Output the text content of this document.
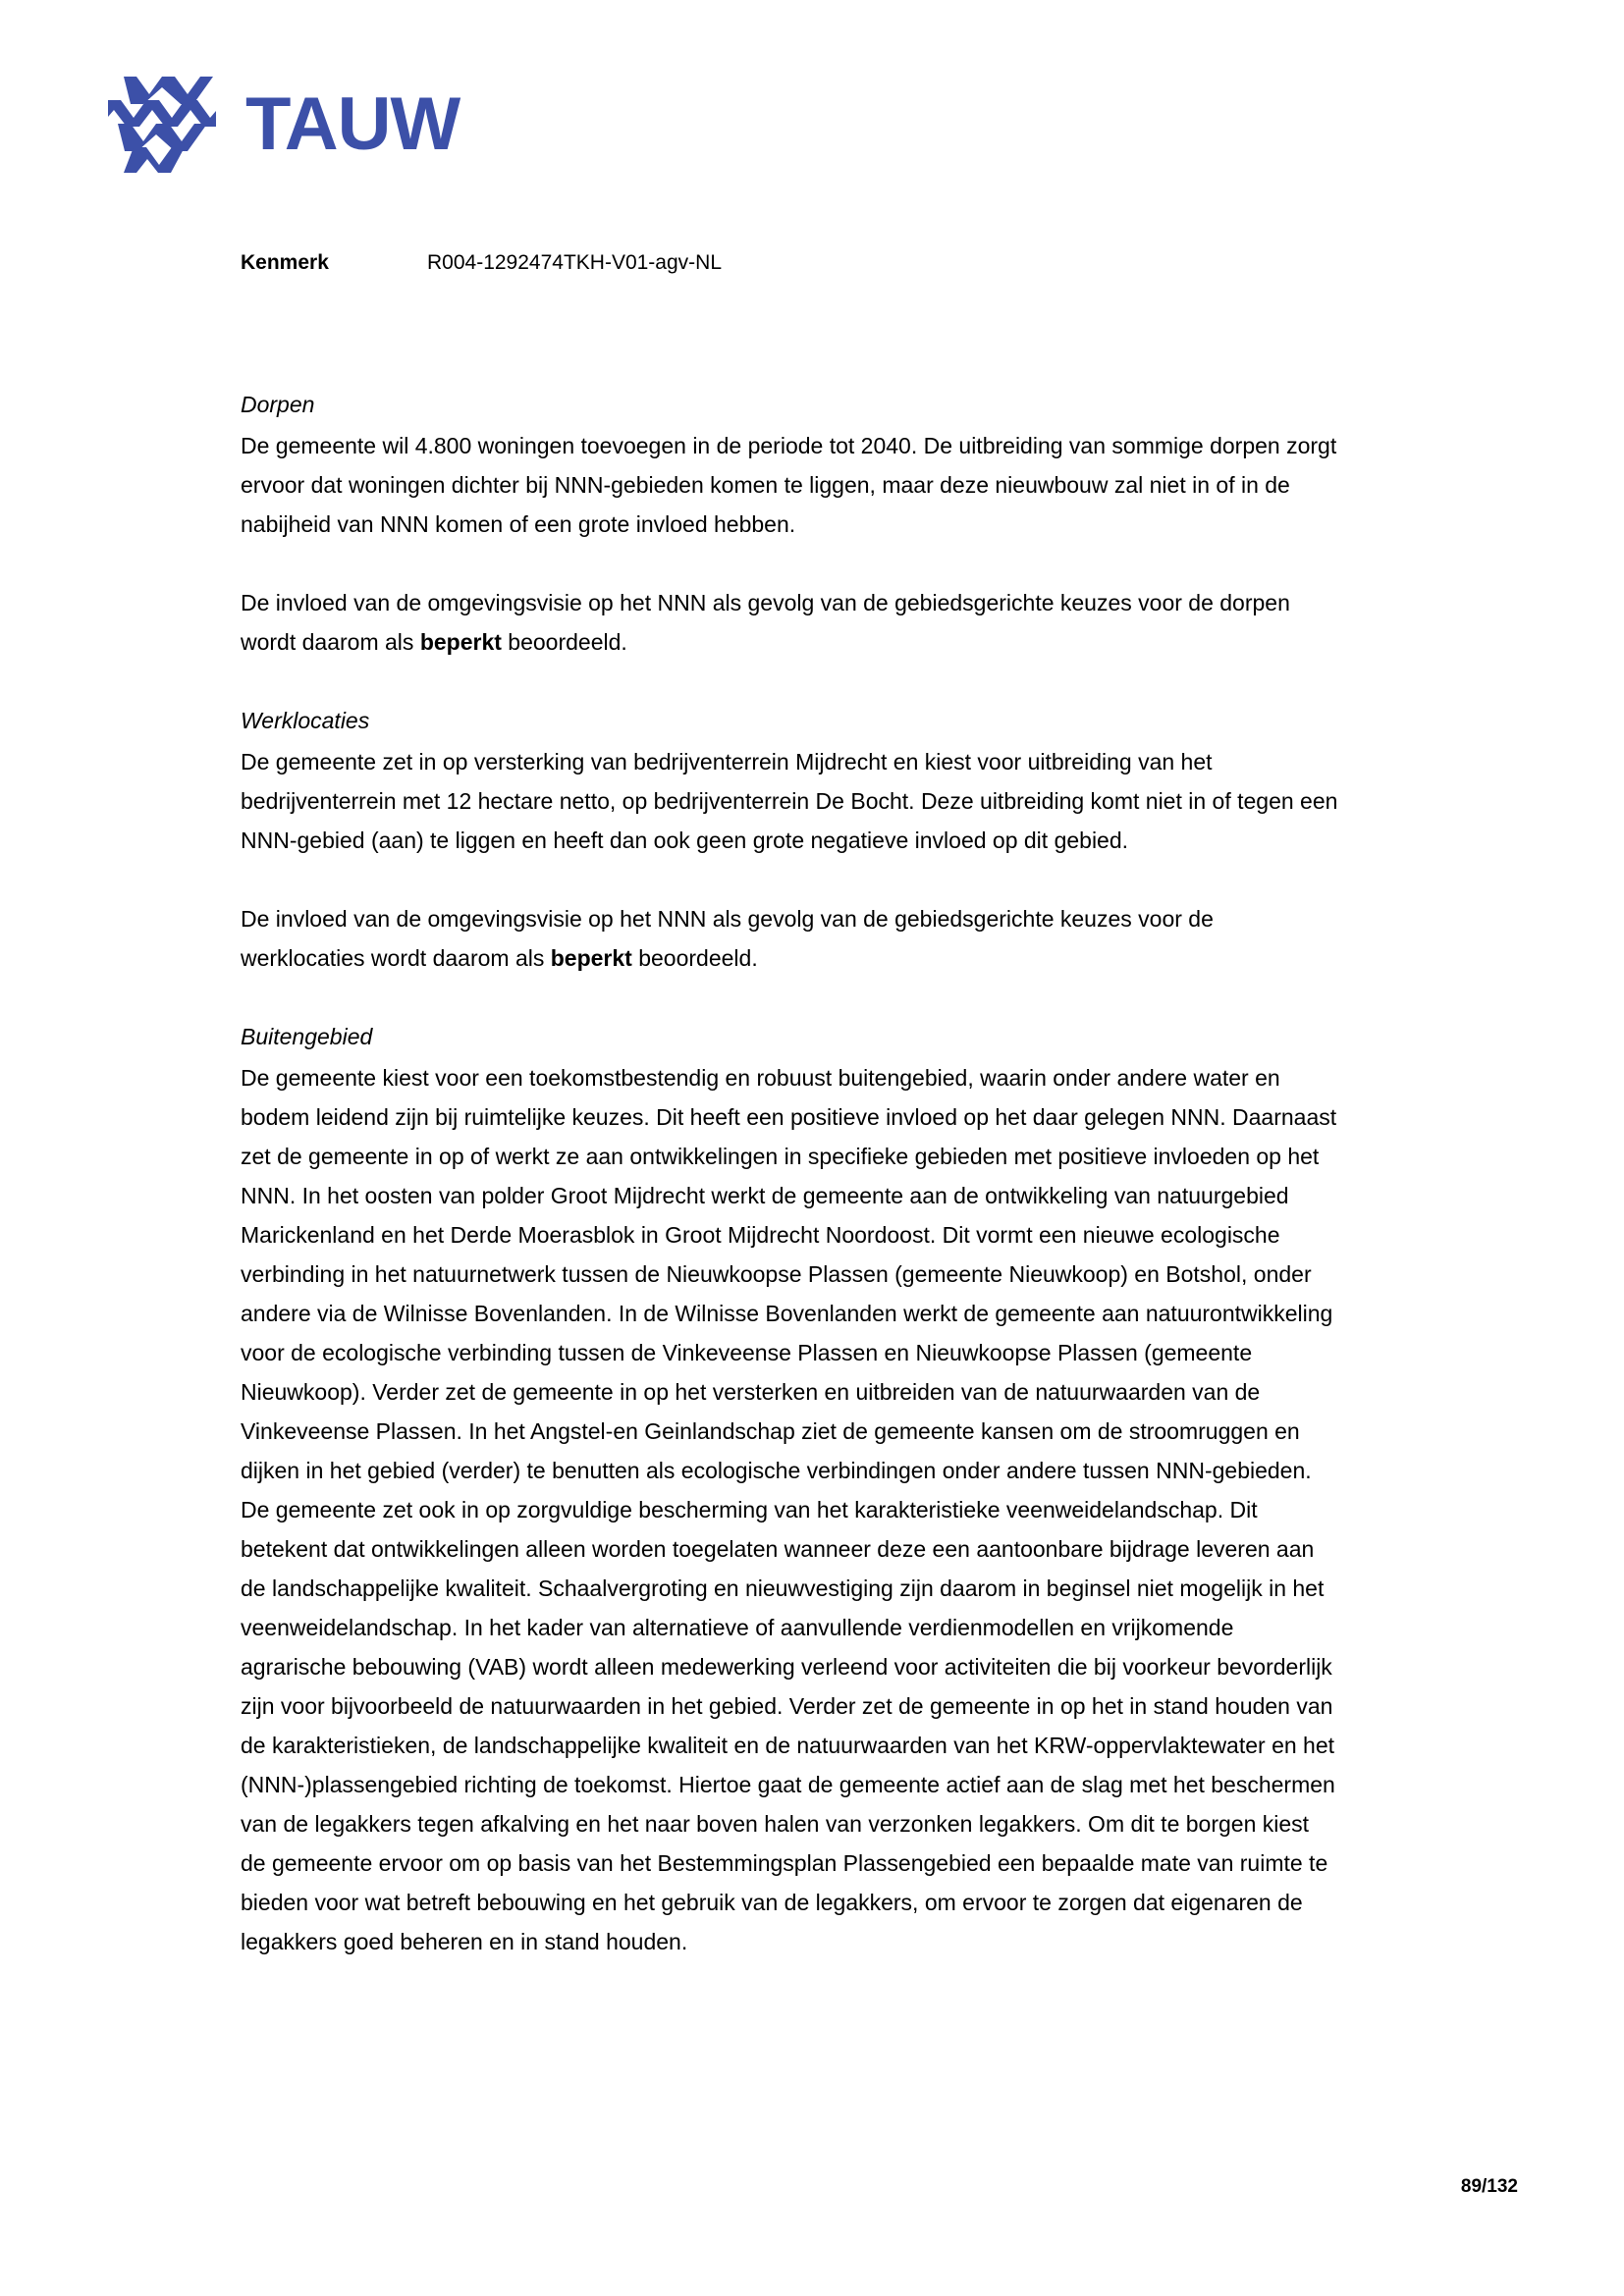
TAUW
Kenmerk	R004-1292474TKH-V01-agv-NL
Dorpen

De gemeente wil 4.800 woningen toevoegen in de periode tot 2040. De uitbreiding van sommige dorpen zorgt ervoor dat woningen dichter bij NNN-gebieden komen te liggen, maar deze nieuwbouw zal niet in of in de nabijheid van NNN komen of een grote invloed hebben.

De invloed van de omgevingsvisie op het NNN als gevolg van de gebiedsgerichte keuzes voor de dorpen wordt daarom als beperkt beoordeeld.

Werklocaties

De gemeente zet in op versterking van bedrijventerrein Mijdrecht en kiest voor uitbreiding van het bedrijventerrein met 12 hectare netto, op bedrijventerrein De Bocht. Deze uitbreiding komt niet in of tegen een NNN-gebied (aan) te liggen en heeft dan ook geen grote negatieve invloed op dit gebied.

De invloed van de omgevingsvisie op het NNN als gevolg van de gebiedsgerichte keuzes voor de werklocaties wordt daarom als beperkt beoordeeld.

Buitengebied

De gemeente kiest voor een toekomstbestendig en robuust buitengebied, waarin onder andere water en bodem leidend zijn bij ruimtelijke keuzes. Dit heeft een positieve invloed op het daar gelegen NNN. Daarnaast zet de gemeente in op of werkt ze aan ontwikkelingen in specifieke gebieden met positieve invloeden op het NNN. In het oosten van polder Groot Mijdrecht werkt de gemeente aan de ontwikkeling van natuurgebied Marickenland en het Derde Moerasblok in Groot Mijdrecht Noordoost. Dit vormt een nieuwe ecologische verbinding in het natuurnetwerk tussen de Nieuwkoopse Plassen (gemeente Nieuwkoop) en Botshol, onder andere via de Wilnisse Bovenlanden. In de Wilnisse Bovenlanden werkt de gemeente aan natuurontwikkeling voor de ecologische verbinding tussen de Vinkeveense Plassen en Nieuwkoopse Plassen (gemeente Nieuwkoop). Verder zet de gemeente in op het versterken en uitbreiden van de natuurwaarden van de Vinkeveense Plassen. In het Angstel-en Geinlandschap ziet de gemeente kansen om de stroomruggen en dijken in het gebied (verder) te benutten als ecologische verbindingen onder andere tussen NNN-gebieden. De gemeente zet ook in op zorgvuldige bescherming van het karakteristieke veenweidelandschap. Dit betekent dat ontwikkelingen alleen worden toegelaten wanneer deze een aantoonbare bijdrage leveren aan de landschappelijke kwaliteit. Schaalvergroting en nieuwvestiging zijn daarom in beginsel niet mogelijk in het veenweidelandschap. In het kader van alternatieve of aanvullende verdienmodellen en vrijkomende agrarische bebouwing (VAB) wordt alleen medewerking verleend voor activiteiten die bij voorkeur bevorderlijk zijn voor bijvoorbeeld de natuurwaarden in het gebied. Verder zet de gemeente in op het in stand houden van de karakteristieken, de landschappelijke kwaliteit en de natuurwaarden van het KRW-oppervlaktewater en het (NNN-)plassengebied richting de toekomst. Hiertoe gaat de gemeente actief aan de slag met het beschermen van de legakkers tegen afkalving en het naar boven halen van verzonken legakkers. Om dit te borgen kiest de gemeente ervoor om op basis van het Bestemmingsplan Plassengebied een bepaalde mate van ruimte te bieden voor wat betreft bebouwing en het gebruik van de legakkers, om ervoor te zorgen dat eigenaren de legakkers goed beheren en in stand houden.

89/132
